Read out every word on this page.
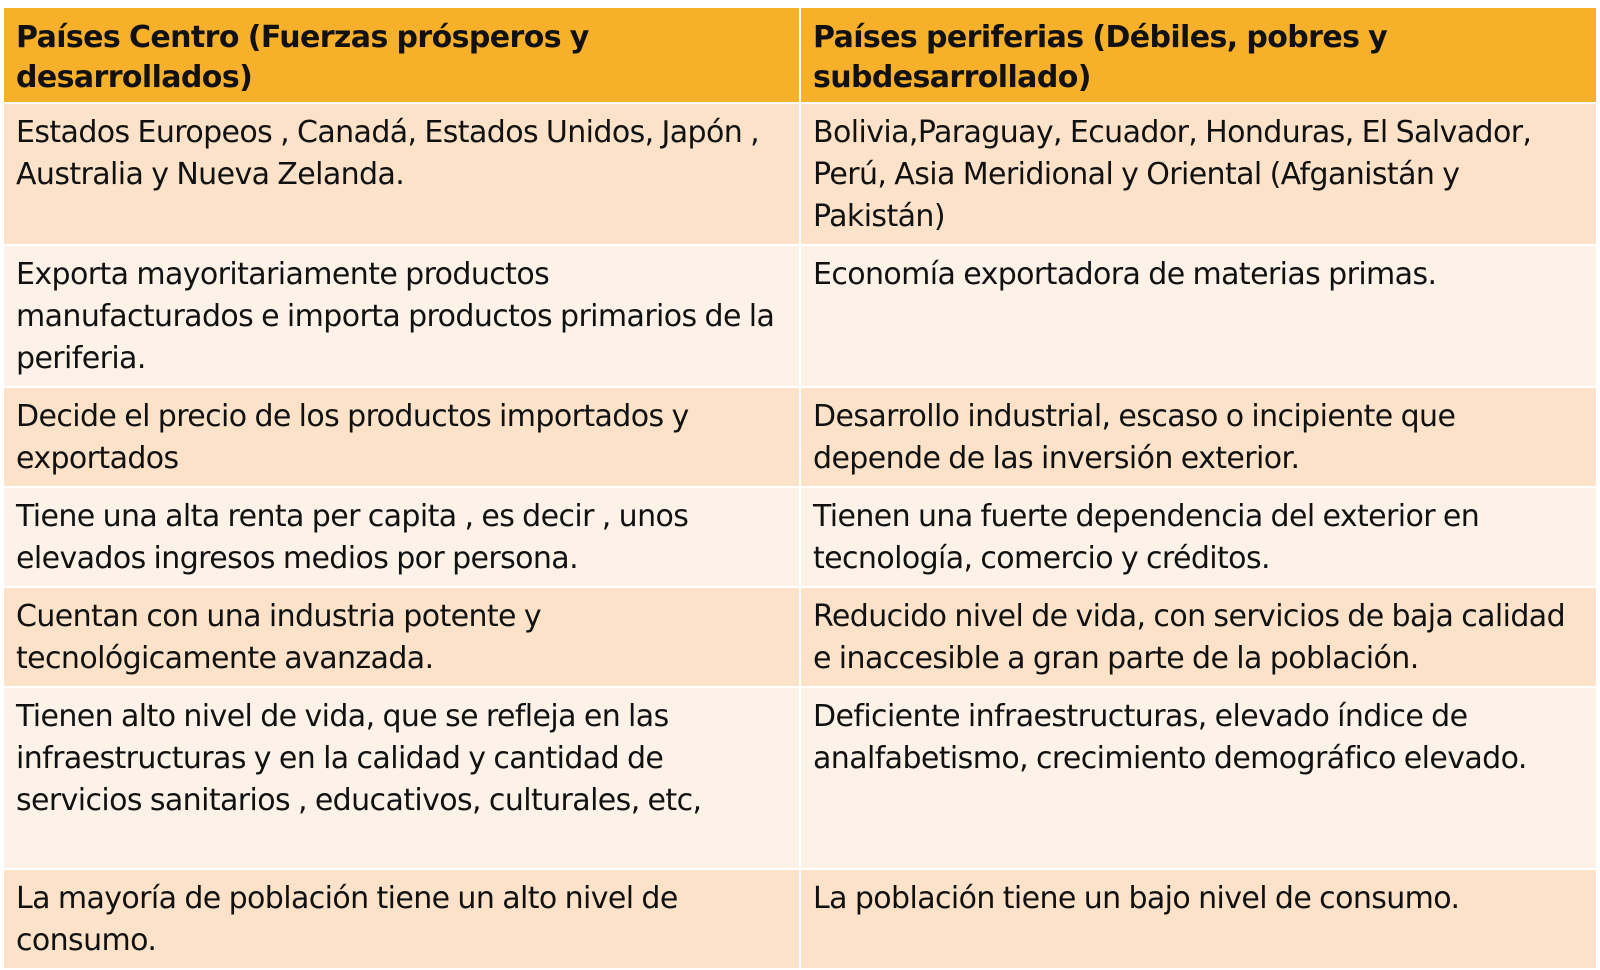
Países Centro (Fuerzas prósperos y desarrollados)	Países periferias (Débiles, pobres y subdesarrollado)
Estados Europeos , Canadá, Estados Unidos, Japón , Australia y Nueva Zelanda.	Bolivia,Paraguay, Ecuador, Honduras, El Salvador, Perú, Asia Meridional y Oriental (Afganistán y Pakistán)
Exporta mayoritariamente productos manufacturados e importa productos primarios de la periferia.	Economía exportadora de materias primas.
Decide el precio de los productos importados y exportados	Desarrollo industrial, escaso o incipiente que depende de las inversión exterior.
Tiene una alta renta per capita , es decir , unos elevados ingresos medios por persona.	Tienen una fuerte dependencia del exterior en tecnología, comercio y créditos.
Cuentan con una industria potente y tecnológicamente avanzada.	Reducido nivel de vida, con servicios de baja calidad e inaccesible a gran parte de la población.
Tienen alto nivel de vida, que se refleja en las infraestructuras y en la calidad y cantidad de servicios sanitarios , educativos, culturales, etc,	Deficiente infraestructuras, elevado índice de analfabetismo, crecimiento demográfico elevado.
La mayoría de población tiene un alto nivel de consumo.	La población tiene un bajo nivel de consumo.
